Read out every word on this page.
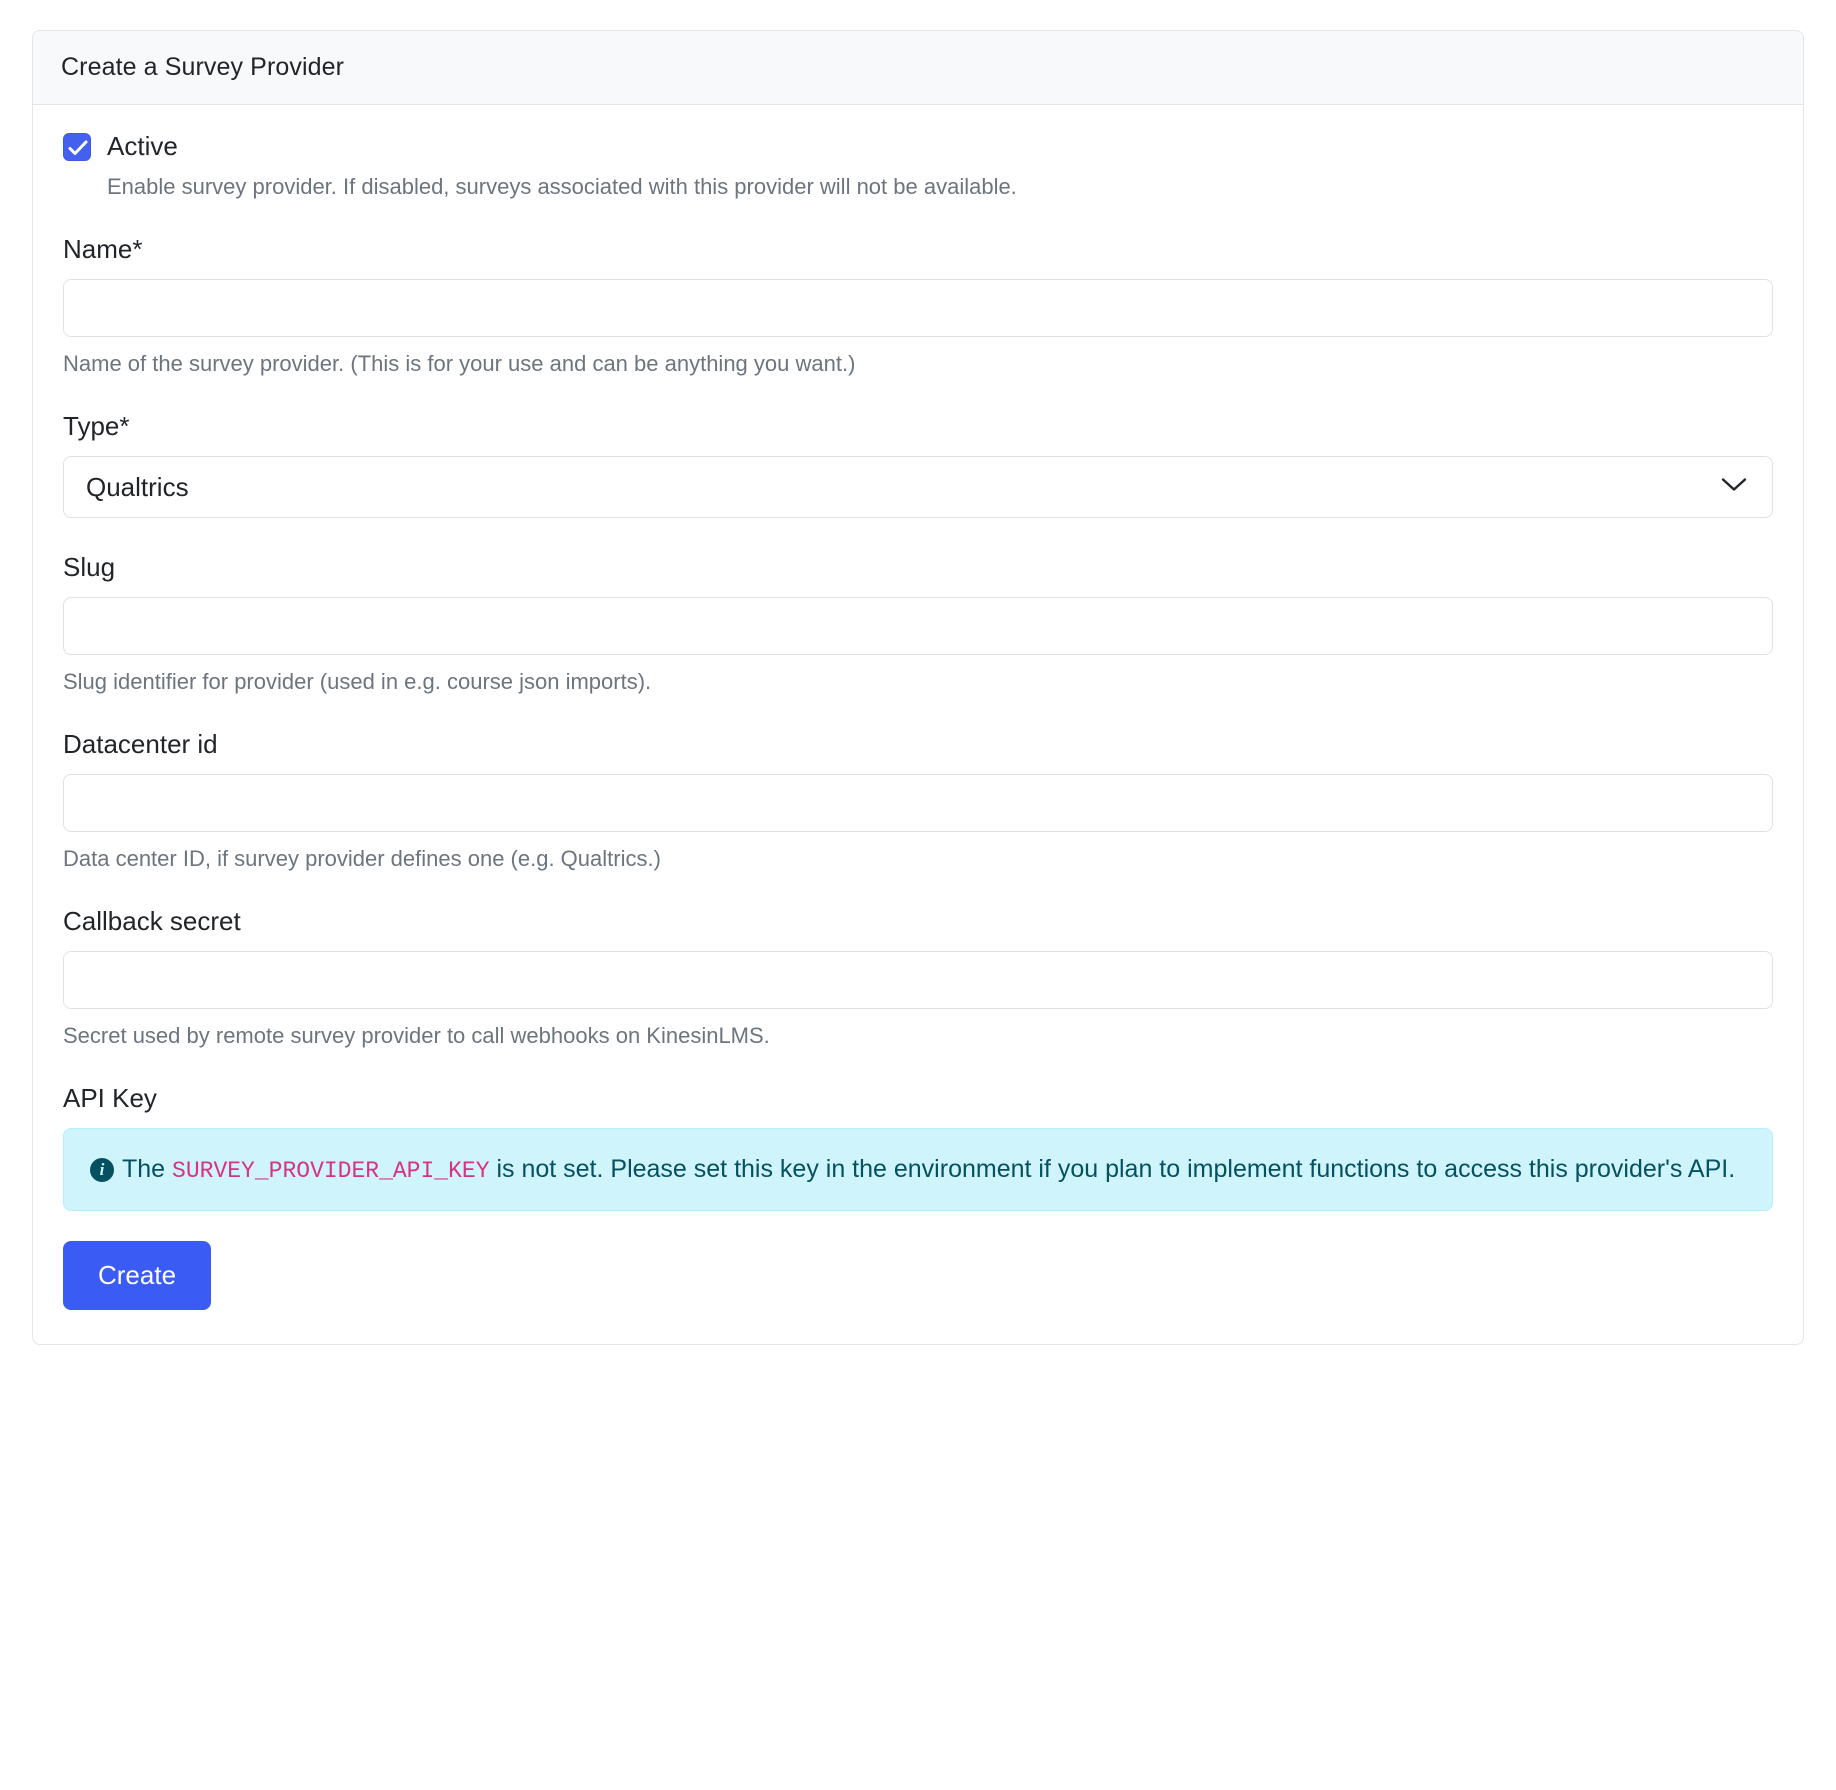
Create a Survey Provider
Active
Enable survey provider. If disabled, surveys associated with this provider will not be available.
Name*
Name of the survey provider. (This is for your use and can be anything you want.)
Type*
Qualtrics
Slug
Slug identifier for provider (used in e.g. course json imports).
Datacenter id
Data center ID, if survey provider defines one (e.g. Qualtrics.)
Callback secret
Secret used by remote survey provider to call webhooks on KinesinLMS.
API Key
i The SURVEY_PROVIDER_API_KEY is not set. Please set this key in the environment if you plan to implement functions to access this provider's API.
Create
